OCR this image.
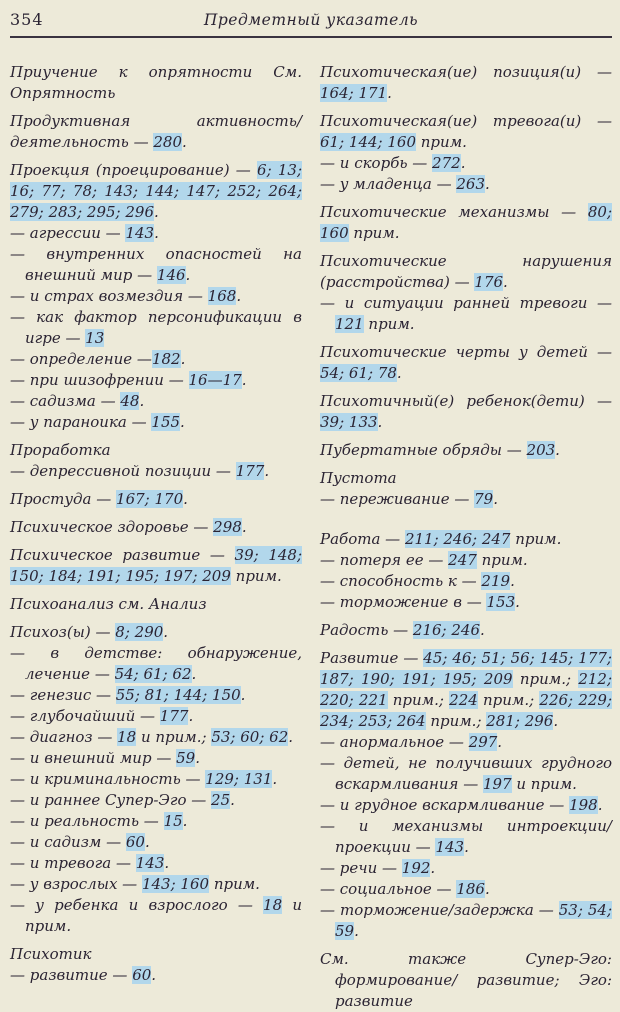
354	Предметный указатель

Приучение к опрятности См. Опрятность

Продуктивная активность/ деятельность — 280.

Проекция (проецирование) — 6; 13; 16; 77; 78; 143; 144; 147; 252; 264; 279; 283; 295; 296.

— агрессии — 143.

— внутренних опасностей на внешний мир — 146.

— и страх возмездия — 168.

— как фактор персонификации в игре — 13

— определение —182.

— при шизофрении — 16—17.

— садизма — 48.

— у параноика — 155.

Проработка

— депрессивной позиции — 177.

Простуда — 167; 170.

Психическое здоровье — 298.

Психическое развитие — 39; 148; 150; 184; 191; 195; 197; 209 прим.

Психоанализ см. Анализ

Психоз(ы) — 8; 290.

— в детстве: обнаружение, лечение — 54; 61; 62.

— генезис — 55; 81; 144; 150.

— глубочайший — 177.

— диагноз — 18 и прим.; 53; 60; 62.

— и внешний мир — 59.

— и криминальность — 129; 131.

— и раннее Супер-Эго — 25.

— и реальность — 15.

— и садизм — 60.

— и тревога — 143.

— у взрослых — 143; 160 прим.

— у ребенка и взрослого — 18 и прим.

Психотик

— развитие — 60.

Психотическая(ие) позиция(и) — 164; 171.

Психотическая(ие) тревога(и) — 61; 144; 160 прим.

— и скорбь — 272.

— у младенца — 263.

Психотические механизмы — 80; 160 прим.

Психотические нарушения (расстройства) — 176.

— и ситуации ранней тревоги — 121 прим.

Психотические черты у детей — 54; 61; 78.

Психотичный(е) ребенок(дети) — 39; 133.

Пубертатные обряды — 203.

Пустота

— переживание — 79.

Работа — 211; 246; 247 прим.

— потеря ее — 247 прим.

— способность к — 219.

— торможение в — 153.

Радость — 216; 246.

Развитие — 45; 46; 51; 56; 145; 177; 187; 190; 191; 195; 209 прим.; 212; 220; 221 прим.; 224 прим.; 226; 229; 234; 253; 264 прим.; 281; 296.

— анормальное — 297.

— детей, не получивших грудного вскармливания — 197 и прим.

— и грудное вскармливание — 198.

— и механизмы интроекции/ проекции — 143.

— речи — 192.

— социальное — 186.

— торможение/задержка — 53; 54; 59.

См. также Супер-Эго: формирование/ развитие; Эго: развитие
